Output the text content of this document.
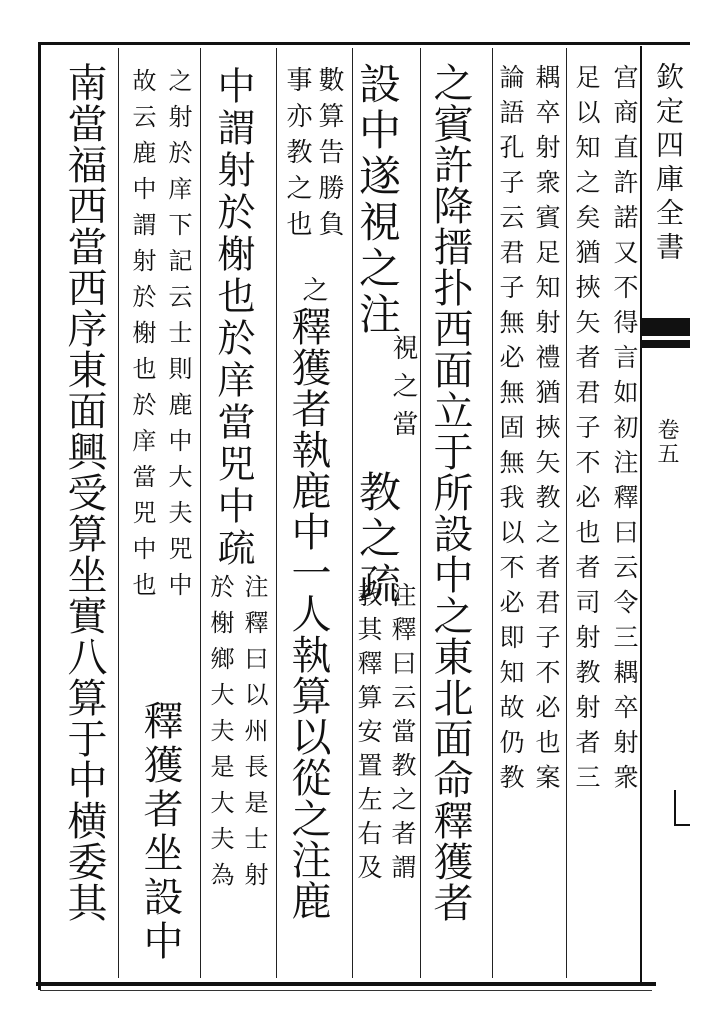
欽定四庫全書
卷五
宫商直許諾又不得言如初注釋曰云令三耦卒射衆
足以知之矣猶挾矢者君子不必也者司射教射者三
耦卒射衆賓足知射禮猶挾矢教之者君子不必也案
論語孔子云君子無必無固無我以不必即知故仍教
之賓許降搢扑西面立于所設中之東北面命釋獲者
設中遂視之注
視之當
教之疏
注釋曰云當教之者謂
教其釋算安置左右及
數算告勝負
事亦教之也
之
釋獲者執鹿中一人執算以從之注鹿
中謂射於榭也於庠當兕中疏
注釋曰以州長是士射
於榭鄉大夫是大夫為
之射於庠下記云士則鹿中大夫兕中
故云鹿中謂射於榭也於庠當兕中也
釋獲者坐設中
南當福西當西序東面興受算坐實八算于中横委其
